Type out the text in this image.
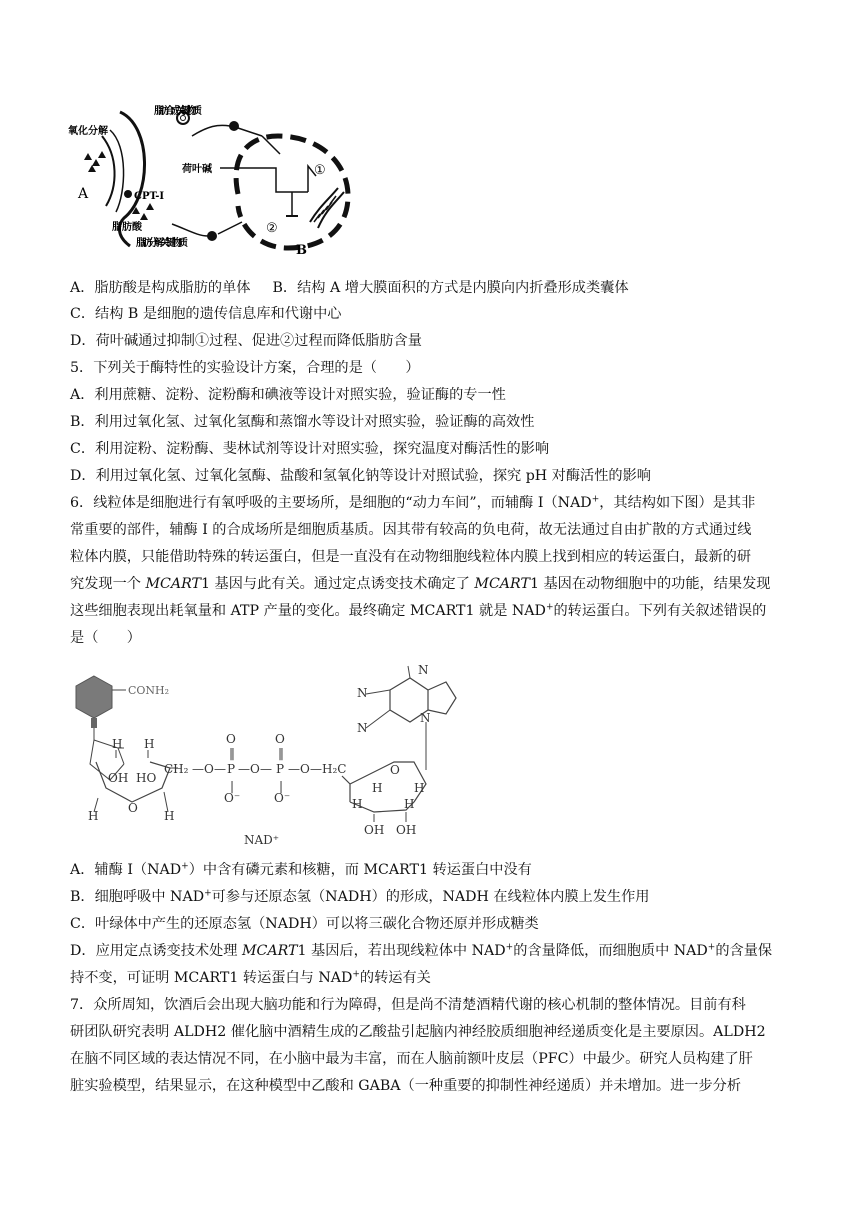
脂肪合成关键物质
氧化分解
A	CPT-I
脂肪酸
脂肪分解关键物质
荷叶碱	①
②
B
A．脂肪酸是构成脂肪的单体 B．结构 A 增大膜面积的方式是内膜向内折叠形成类囊体
C．结构 B 是细胞的遗传信息库和代谢中心
D．荷叶碱通过抑制①过程、促进②过程而降低脂肪含量
5．下列关于酶特性的实验设计方案，合理的是（　　）
A．利用蔗糖、淀粉、淀粉酶和碘液等设计对照实验，验证酶的专一性
B．利用过氧化氢、过氧化氢酶和蒸馏水等设计对照实验，验证酶的高效性
C．利用淀粉、淀粉酶、斐林试剂等设计对照实验，探究温度对酶活性的影响
D．利用过氧化氢、过氧化氢酶、盐酸和氢氧化钠等设计对照试验，探究 pH 对酶活性的影响
6．线粒体是细胞进行有氧呼吸的主要场所，是细胞的“动力车间”，而辅酶 I（NAD+，其结构如下图）是其非
常重要的部件，辅酶 I 的合成场所是细胞质基质。因其带有较高的负电荷，故无法通过自由扩散的方式通过线
粒体内膜，只能借助特殊的转运蛋白，但是一直没有在动物细胞线粒体内膜上找到相应的转运蛋白，最新的研
究发现一个 MCART1 基因与此有关。通过定点诱变技术确定了 MCART1 基因在动物细胞中的功能，结果发现
这些细胞表现出耗氧量和 ATP 产量的变化。最终确定 MCART1 就是 NAD+的转运蛋白。下列有关叙述错误的
是（　　）
CONH₂
H H
OH HO
O
H	H
CH₂ — O — P
O
‖
|
O⁻
— O — P
O
‖
|
O⁻
— O — H₂C	O
H	H
H	H
OH OH
N
N
N
N
NAD⁺
A．辅酶 I（NAD+）中含有磷元素和核糖，而 MCART1 转运蛋白中没有
B．细胞呼吸中 NAD+可参与还原态氢（NADH）的形成，NADH 在线粒体内膜上发生作用
C．叶绿体中产生的还原态氢（NADH）可以将三碳化合物还原并形成糖类
D．应用定点诱变技术处理 MCART1 基因后，若出现线粒体中 NAD+的含量降低，而细胞质中 NAD+的含量保
持不变，可证明 MCART1 转运蛋白与 NAD+的转运有关
7．众所周知，饮酒后会出现大脑功能和行为障碍，但是尚不清楚酒精代谢的核心机制的整体情况。目前有科
研团队研究表明 ALDH2 催化脑中酒精生成的乙酸盐引起脑内神经胶质细胞神经递质变化是主要原因。ALDH2
在脑不同区域的表达情况不同，在小脑中最为丰富，而在人脑前额叶皮层（PFC）中最少。研究人员构建了肝
脏实验模型，结果显示，在这种模型中乙酸和 GABA（一种重要的抑制性神经递质）并未增加。进一步分析
